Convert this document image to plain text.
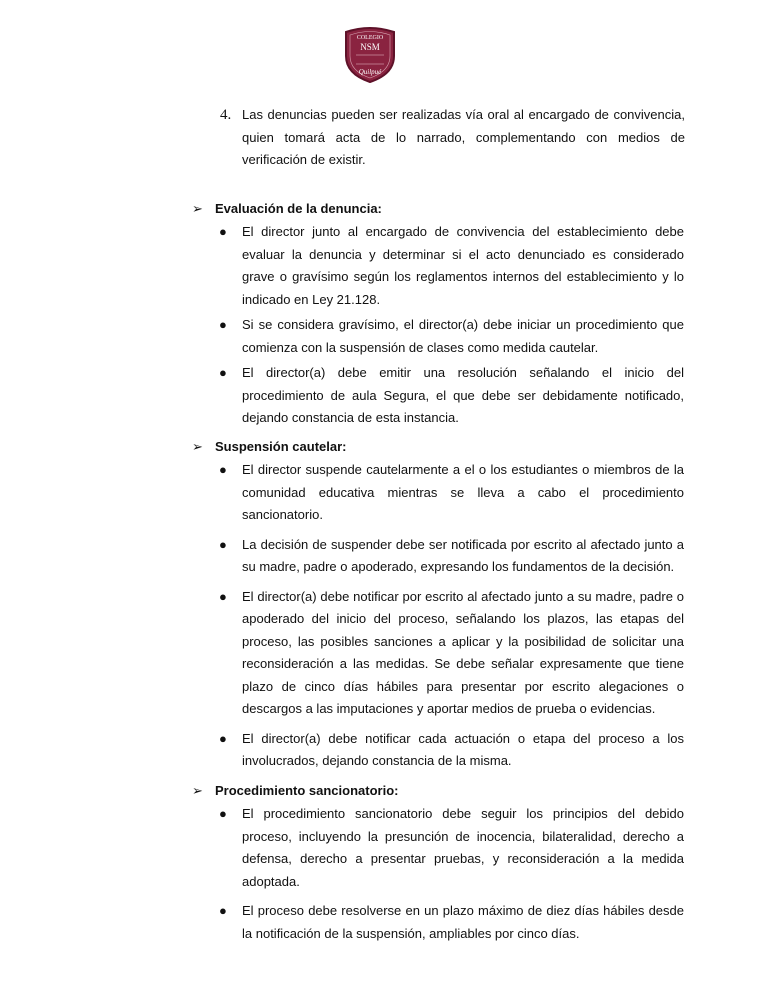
COLEGIO
NSM
Quilpué
4. Las denuncias pueden ser realizadas vía oral al encargado de convivencia, quien tomará acta de lo narrado, complementando con medios de verificación de existir.

➢ Evaluación de la denuncia:
● El director junto al encargado de convivencia del establecimiento debe evaluar la denuncia y determinar si el acto denunciado es considerado grave o gravísimo según los reglamentos internos del establecimiento y lo indicado en Ley 21.128.

● Si se considera gravísimo, el director(a) debe iniciar un procedimiento que comienza con la suspensión de clases como medida cautelar.

● El director(a) debe emitir una resolución señalando el inicio del procedimiento de aula Segura, el que debe ser debidamente notificado, dejando constancia de esta instancia.

➢ Suspensión cautelar:
● El director suspende cautelarmente a el o los estudiantes o miembros de la comunidad educativa mientras se lleva a cabo el procedimiento sancionatorio.

● La decisión de suspender debe ser notificada por escrito al afectado junto a su madre, padre o apoderado, expresando los fundamentos de la decisión.

● El director(a) debe notificar por escrito al afectado junto a su madre, padre o apoderado del inicio del proceso, señalando los plazos, las etapas del proceso, las posibles sanciones a aplicar y la posibilidad de solicitar una reconsideración a las medidas. Se debe señalar expresamente que tiene plazo de cinco días hábiles para presentar por escrito alegaciones o descargos a las imputaciones y aportar medios de prueba o evidencias.

● El director(a) debe notificar cada actuación o etapa del proceso a los involucrados, dejando constancia de la misma.

➢ Procedimiento sancionatorio:
● El procedimiento sancionatorio debe seguir los principios del debido proceso, incluyendo la presunción de inocencia, bilateralidad, derecho a defensa, derecho a presentar pruebas, y reconsideración a la medida adoptada.

● El proceso debe resolverse en un plazo máximo de diez días hábiles desde la notificación de la suspensión, ampliables por cinco días.
